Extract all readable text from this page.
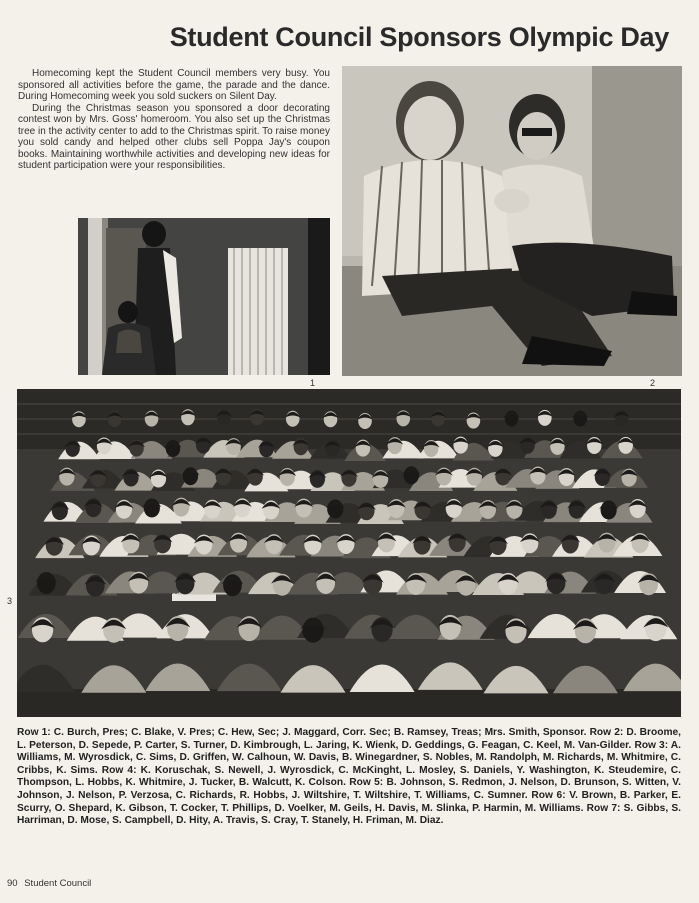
Student Council Sponsors Olympic Day

Homecoming kept the Student Council members very busy. You sponsored all activities before the game, the parade and the dance. During Homecoming week you sold suckers on Silent Day.

During the Christmas season you sponsored a door decorating contest won by Mrs. Goss' homeroom. You also set up the Christmas tree in the activity center to add to the Christmas spirit. To raise money you sold candy and helped other clubs sell Poppa Jay's coupon books. Maintaining worthwhile activities and developing new ideas for student participation were your responsibilities.

1	2
3
Row 1: C. Burch, Pres; C. Blake, V. Pres; C. Hew, Sec; J. Maggard, Corr. Sec; B. Ramsey, Treas; Mrs. Smith, Sponsor. Row 2: D. Broome, L. Peterson, D. Sepede, P. Carter, S. Turner, D. Kimbrough, L. Jaring, K. Wienk, D. Geddings, G. Feagan, C. Keel, M. Van-Gilder. Row 3: A. Williams, M. Wyrosdick, C. Sims, D. Griffen, W. Calhoun, W. Davis, B. Winegardner, S. Nobles, M. Randolph, M. Richards, M. Whitmire, C. Cribbs, K. Sims. Row 4: K. Koruschak, S. Newell, J. Wyrosdick, C. McKinght, L. Mosley, S. Daniels, Y. Washington, K. Steudemire, C. Thompson, L. Hobbs, K. Whitmire, J. Tucker, B. Walcutt, K. Colson. Row 5: B. Johnson, S. Redmon, J. Nelson, D. Brunson, S. Witten, V. Johnson, J. Nelson, P. Verzosa, C. Richards, R. Hobbs, J. Wiltshire, T. Wiltshire, T. Williams, C. Sumner. Row 6: V. Brown, B. Parker, E. Scurry, O. Shepard, K. Gibson, T. Cocker, T. Phillips, D. Voelker, M. Geils, H. Davis, M. Slinka, P. Harmin, M. Williams. Row 7: S. Gibbs, S. Harriman, D. Mose, S. Campbell, D. Hity, A. Travis, S. Cray, T. Stanely, H. Friman, M. Diaz.
90 Student Council
